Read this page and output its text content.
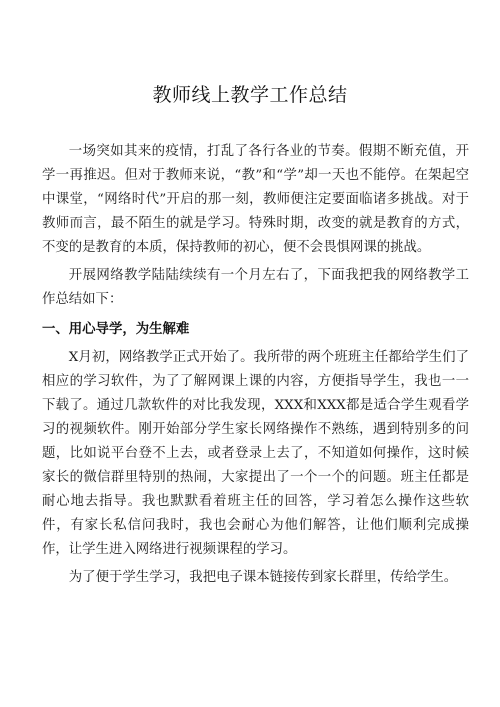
教师线上教学工作总结

一场突如其来的疫情，打乱了各行各业的节奏。假期不断充值，开学一再推迟。但对于教师来说，“教”和“学”却一天也不能停。在架起空中课堂，“网络时代”开启的那一刻，教师便注定要面临诸多挑战。对于教师而言，最不陌生的就是学习。特殊时期，改变的就是教育的方式，不变的是教育的本质，保持教师的初心，便不会畏惧网课的挑战。

开展网络教学陆陆续续有一个月左右了，下面我把我的网络教学工作总结如下：

一、用心导学，为生解难

X月初，网络教学正式开始了。我所带的两个班班主任都给学生们了相应的学习软件，为了了解网课上课的内容，方便指导学生，我也一一下载了。通过几款软件的对比我发现，XXX和XXX都是适合学生观看学习的视频软件。刚开始部分学生家长网络操作不熟练，遇到特别多的问题，比如说平台登不上去，或者登录上去了，不知道如何操作，这时候家长的微信群里特别的热闹，大家提出了一个一个的问题。班主任都是耐心地去指导。我也默默看着班主任的回答，学习着怎么操作这些软件，有家长私信问我时，我也会耐心为他们解答，让他们顺利完成操作，让学生进入网络进行视频课程的学习。

为了便于学生学习，我把电子课本链接传到家长群里，传给学生。
